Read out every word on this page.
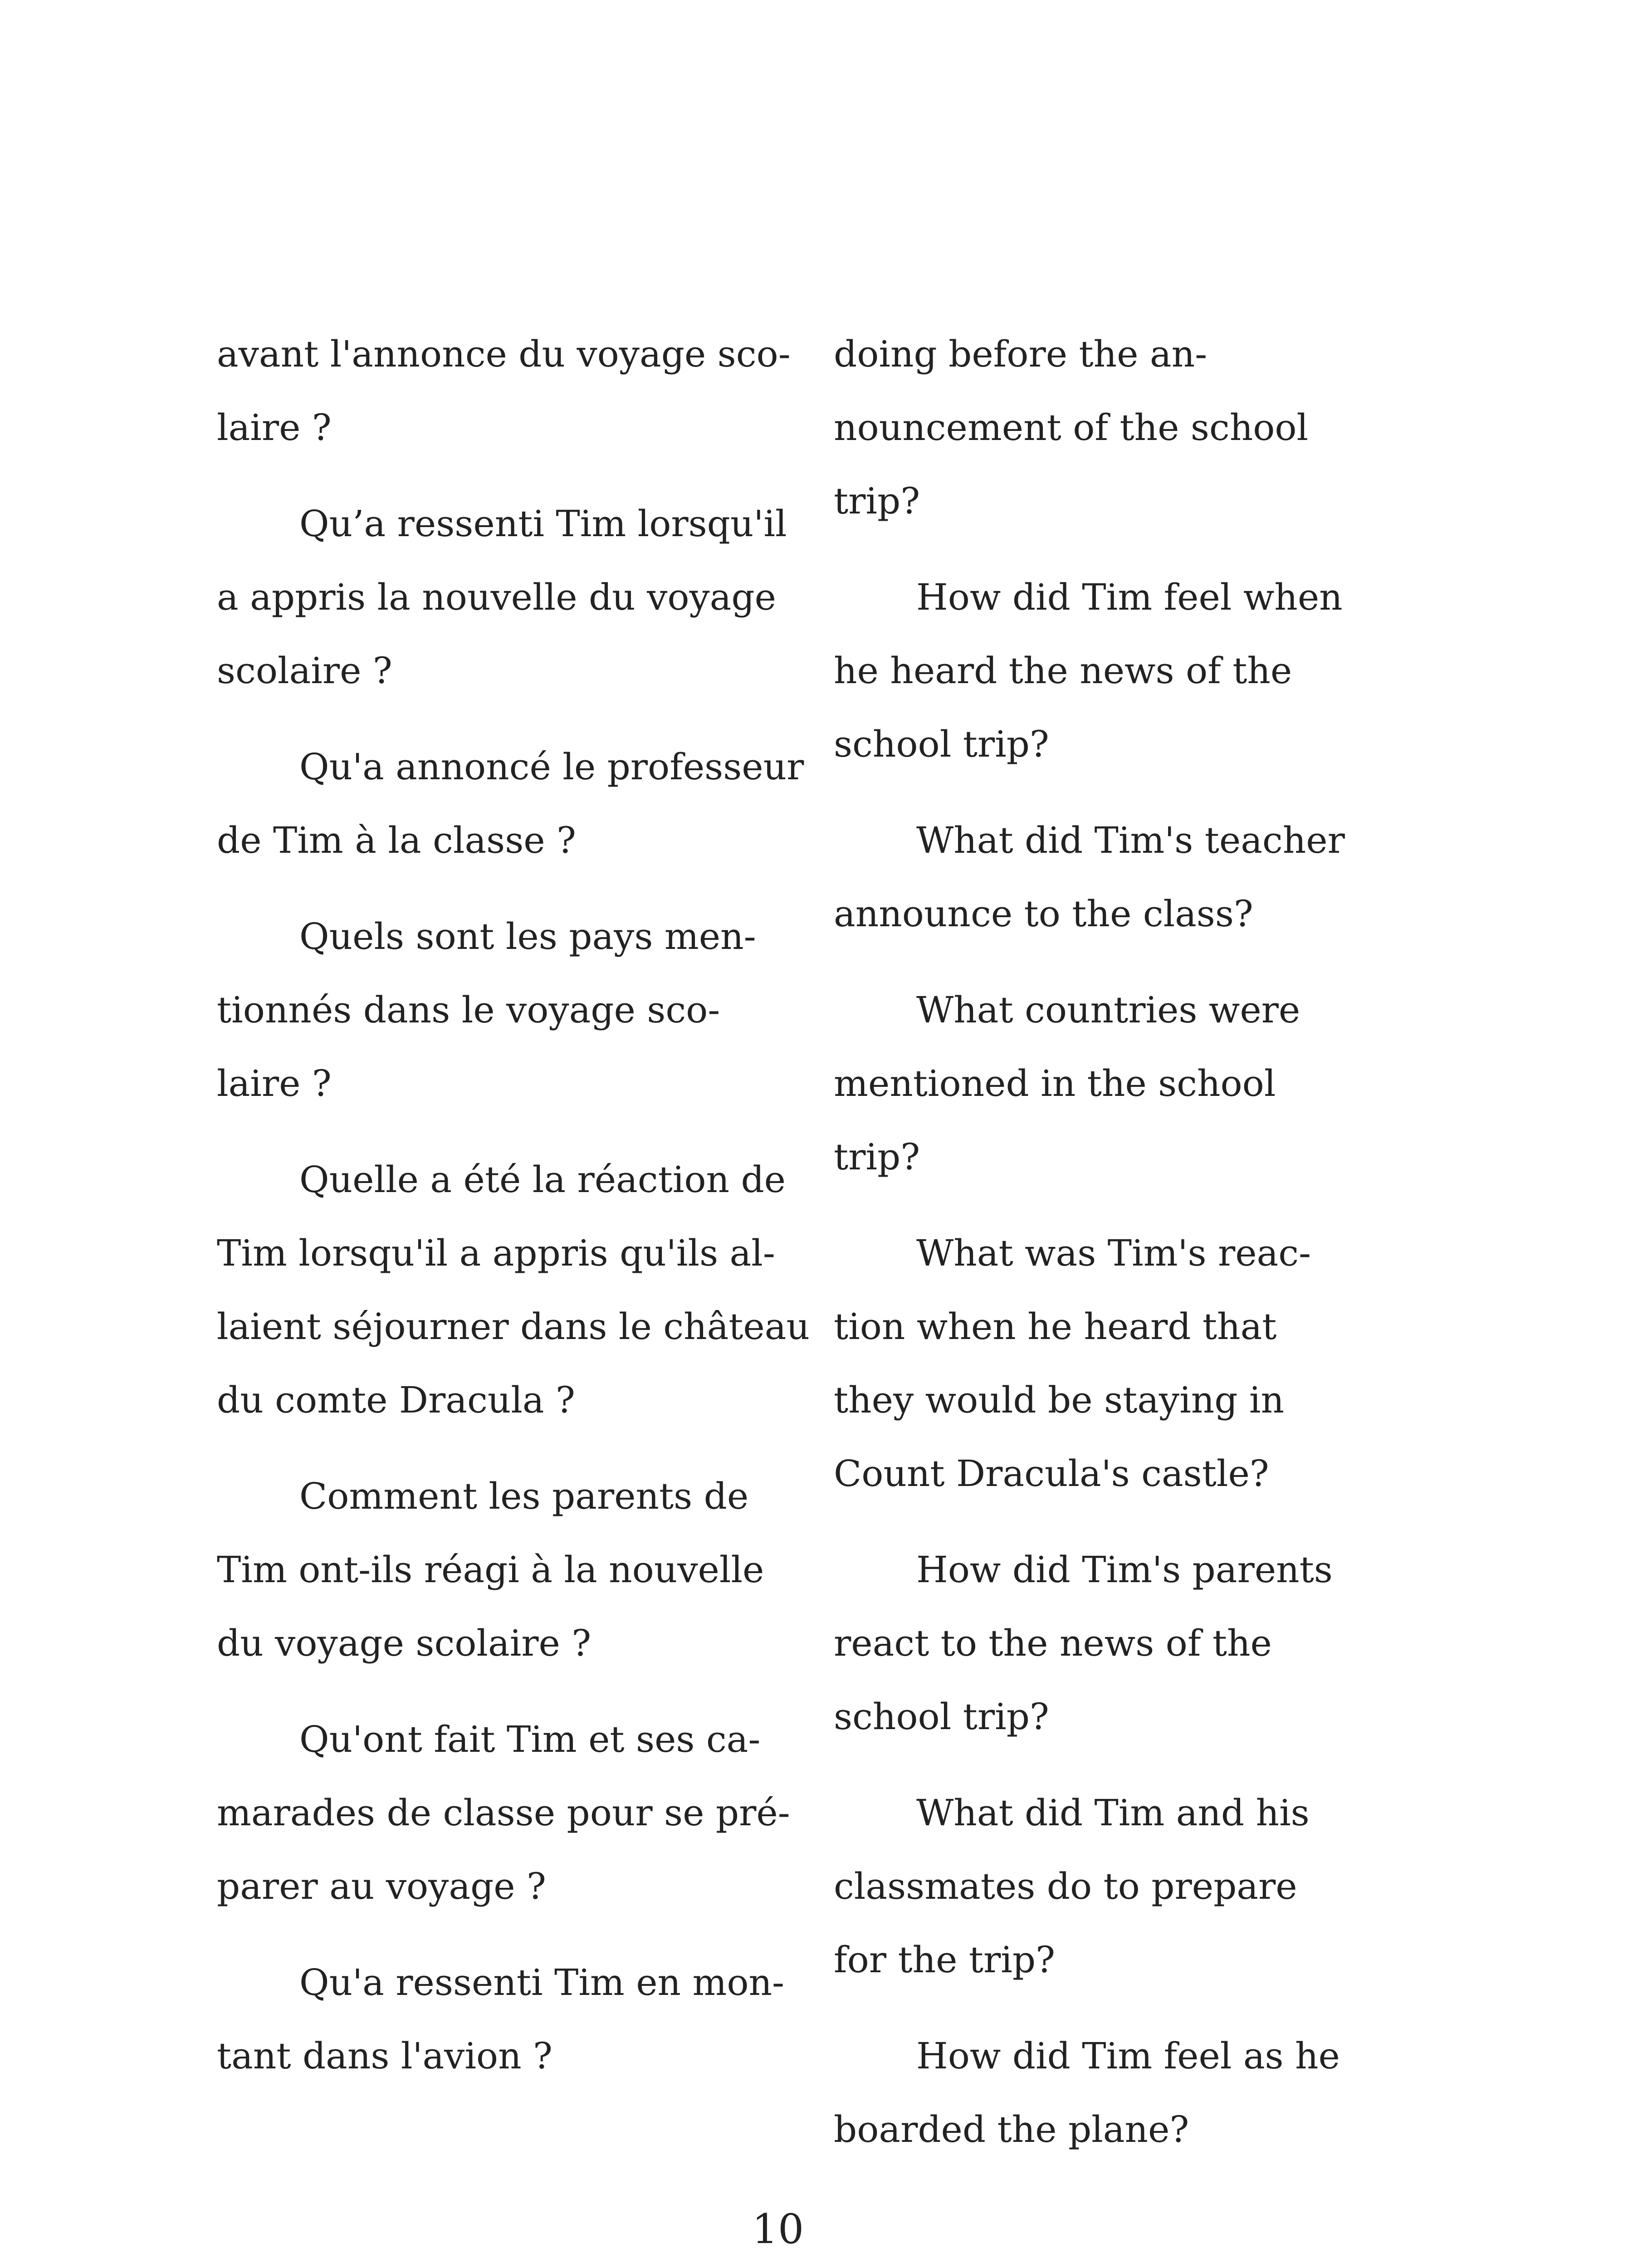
avant l'annonce du voyage sco-
laire ?

Qu’a ressenti Tim lorsqu'il
a appris la nouvelle du voyage
scolaire ?

Qu'a annoncé le professeur
de Tim à la classe ?

Quels sont les pays men-
tionnés dans le voyage sco-
laire ?

Quelle a été la réaction de
Tim lorsqu'il a appris qu'ils al-
laient séjourner dans le château
du comte Dracula ?

Comment les parents de
Tim ont-ils réagi à la nouvelle
du voyage scolaire ?

Qu'ont fait Tim et ses ca-
marades de classe pour se pré-
parer au voyage ?

Qu'a ressenti Tim en mon-
tant dans l'avion ?

doing before the an-
nouncement of the school
trip?

How did Tim feel when
he heard the news of the
school trip?

What did Tim's teacher
announce to the class?

What countries were
mentioned in the school
trip?

What was Tim's reac-
tion when he heard that
they would be staying in
Count Dracula's castle?

How did Tim's parents
react to the news of the
school trip?

What did Tim and his
classmates do to prepare
for the trip?

How did Tim feel as he
boarded the plane?

10
